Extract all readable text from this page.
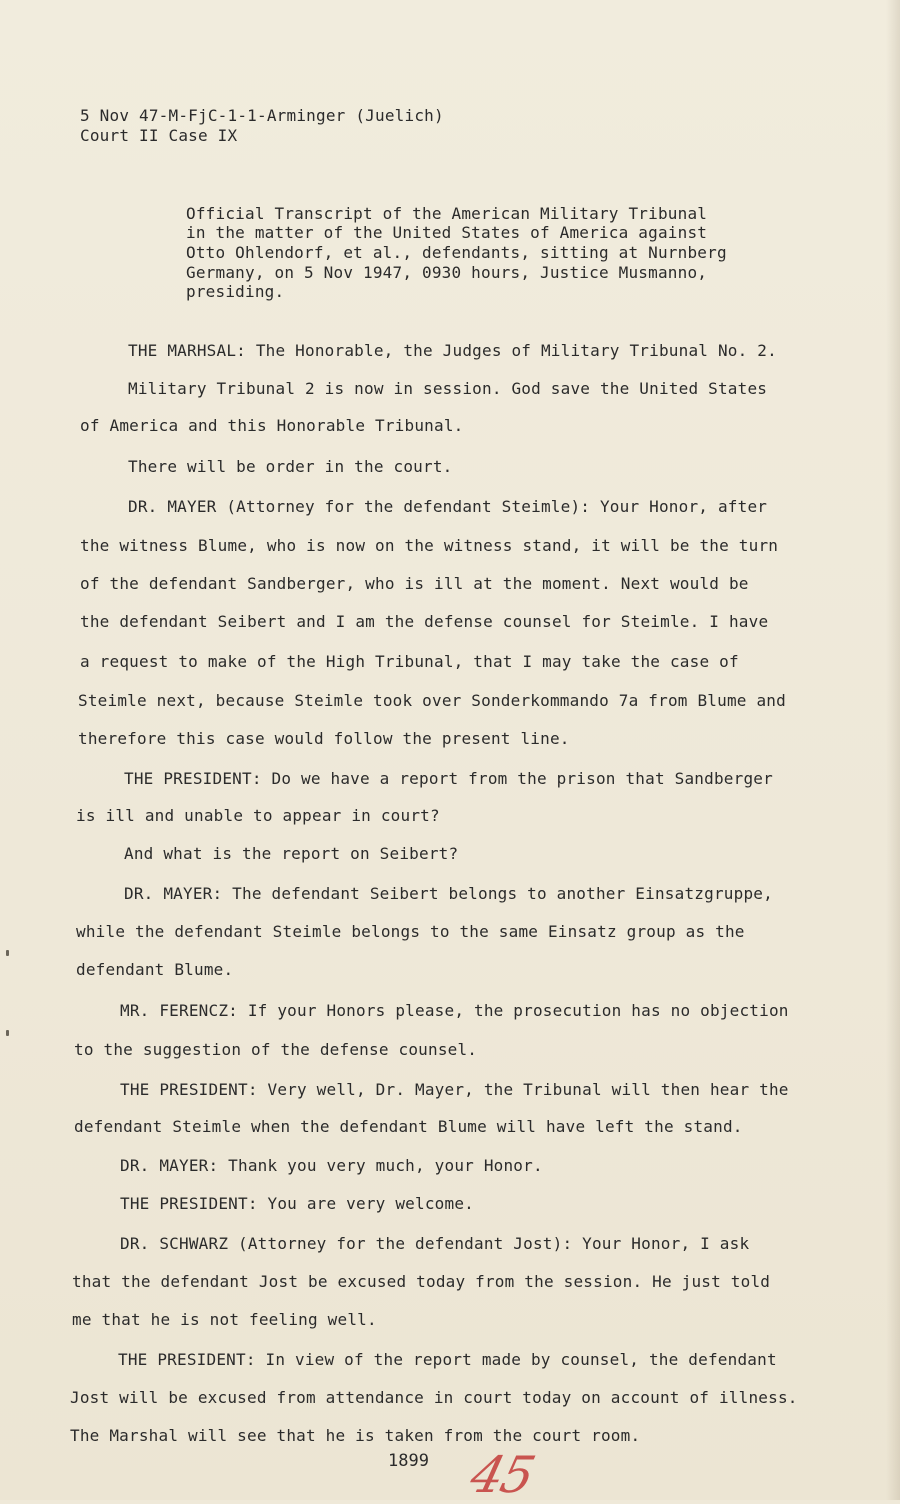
5 Nov 47-M-FjC-1-1-Arminger (Juelich)
Court II Case IX
Official Transcript of the American Military Tribunal
in the matter of the United States of America against
Otto Ohlendorf, et al., defendants, sitting at Nurnberg
Germany, on 5 Nov 1947, 0930 hours, Justice Musmanno,
presiding.
THE MARHSAL: The Honorable, the Judges of Military Tribunal No. 2.
Military Tribunal 2 is now in session. God save the United States
of America and this Honorable Tribunal.
There will be order in the court.
DR. MAYER (Attorney for the defendant Steimle): Your Honor, after
the witness Blume, who is now on the witness stand, it will be the turn
of the defendant Sandberger, who is ill at the moment. Next would be
the defendant Seibert and I am the defense counsel for Steimle. I have
a request to make of the High Tribunal, that I may take the case of
Steimle next, because Steimle took over Sonderkommando 7a from Blume and
therefore this case would follow the present line.
THE PRESIDENT: Do we have a report from the prison that Sandberger
is ill and unable to appear in court?
And what is the report on Seibert?
DR. MAYER: The defendant Seibert belongs to another Einsatzgruppe,
while the defendant Steimle belongs to the same Einsatz group as the
defendant Blume.
MR. FERENCZ: If your Honors please, the prosecution has no objection
to the suggestion of the defense counsel.
THE PRESIDENT: Very well, Dr. Mayer, the Tribunal will then hear the
defendant Steimle when the defendant Blume will have left the stand.
DR. MAYER: Thank you very much, your Honor.
THE PRESIDENT: You are very welcome.
DR. SCHWARZ (Attorney for the defendant Jost): Your Honor, I ask
that the defendant Jost be excused today from the session. He just told
me that he is not feeling well.
THE PRESIDENT: In view of the report made by counsel, the defendant
Jost will be excused from attendance in court today on account of illness.
The Marshal will see that he is taken from the court room.
1899 45
